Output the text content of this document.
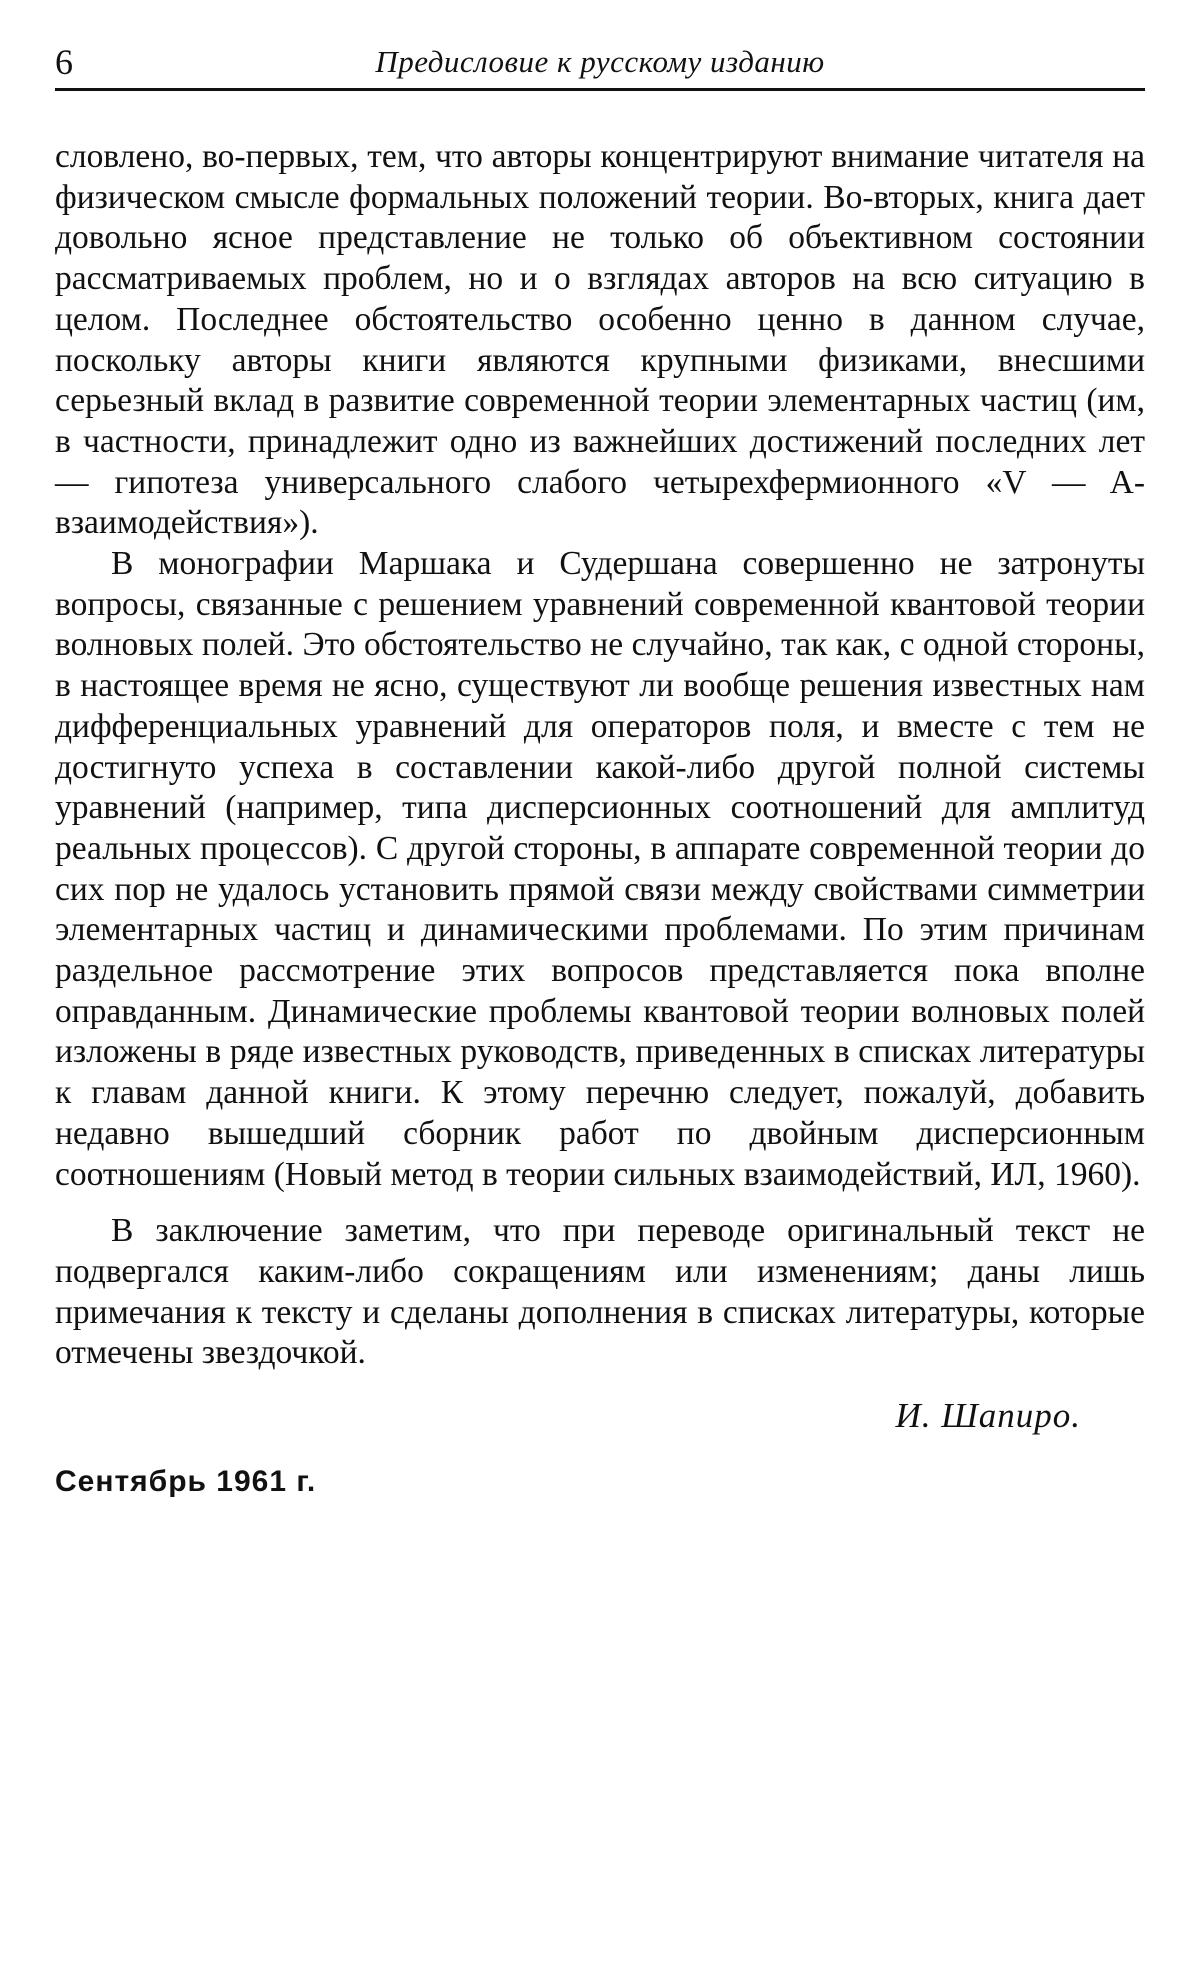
6	Предисловие к русскому изданию

словлено, во-первых, тем, что авторы концентрируют внимание читателя на физическом смысле формальных положений теории. Во-вторых, книга дает довольно ясное представление не только об объективном состоянии рассматриваемых проблем, но и о взглядах авторов на всю ситуацию в целом. Последнее обстоятельство особенно ценно в данном случае, поскольку авторы книги являются крупными физиками, внесшими серьезный вклад в развитие современной теории элементарных частиц (им, в частности, принадлежит одно из важнейших достижений последних лет — гипотеза универсального слабого четырехфермионного «V — A-взаимодействия»).

В монографии Маршака и Судершана совершенно не затронуты вопросы, связанные с решением уравнений современной квантовой теории волновых полей. Это обстоятельство не случайно, так как, с одной стороны, в настоящее время не ясно, существуют ли вообще решения известных нам дифференциальных уравнений для операторов поля, и вместе с тем не достигнуто успеха в составлении какой-либо другой полной системы уравнений (например, типа дисперсионных соотношений для амплитуд реальных процессов). С другой стороны, в аппарате современной теории до сих пор не удалось установить прямой связи между свойствами симметрии элементарных частиц и динамическими проблемами. По этим причинам раздельное рассмотрение этих вопросов представляется пока вполне оправданным. Динамические проблемы квантовой теории волновых полей изложены в ряде известных руководств, приведенных в списках литературы к главам данной книги. К этому перечню следует, пожалуй, добавить недавно вышедший сборник работ по двойным дисперсионным соотношениям (Новый метод в теории сильных взаимодействий, ИЛ, 1960).

В заключение заметим, что при переводе оригинальный текст не подвергался каким-либо сокращениям или изменениям; даны лишь примечания к тексту и сделаны дополнения в списках литературы, которые отмечены звездочкой.

И. Шапиро.
Сентябрь 1961 г.
